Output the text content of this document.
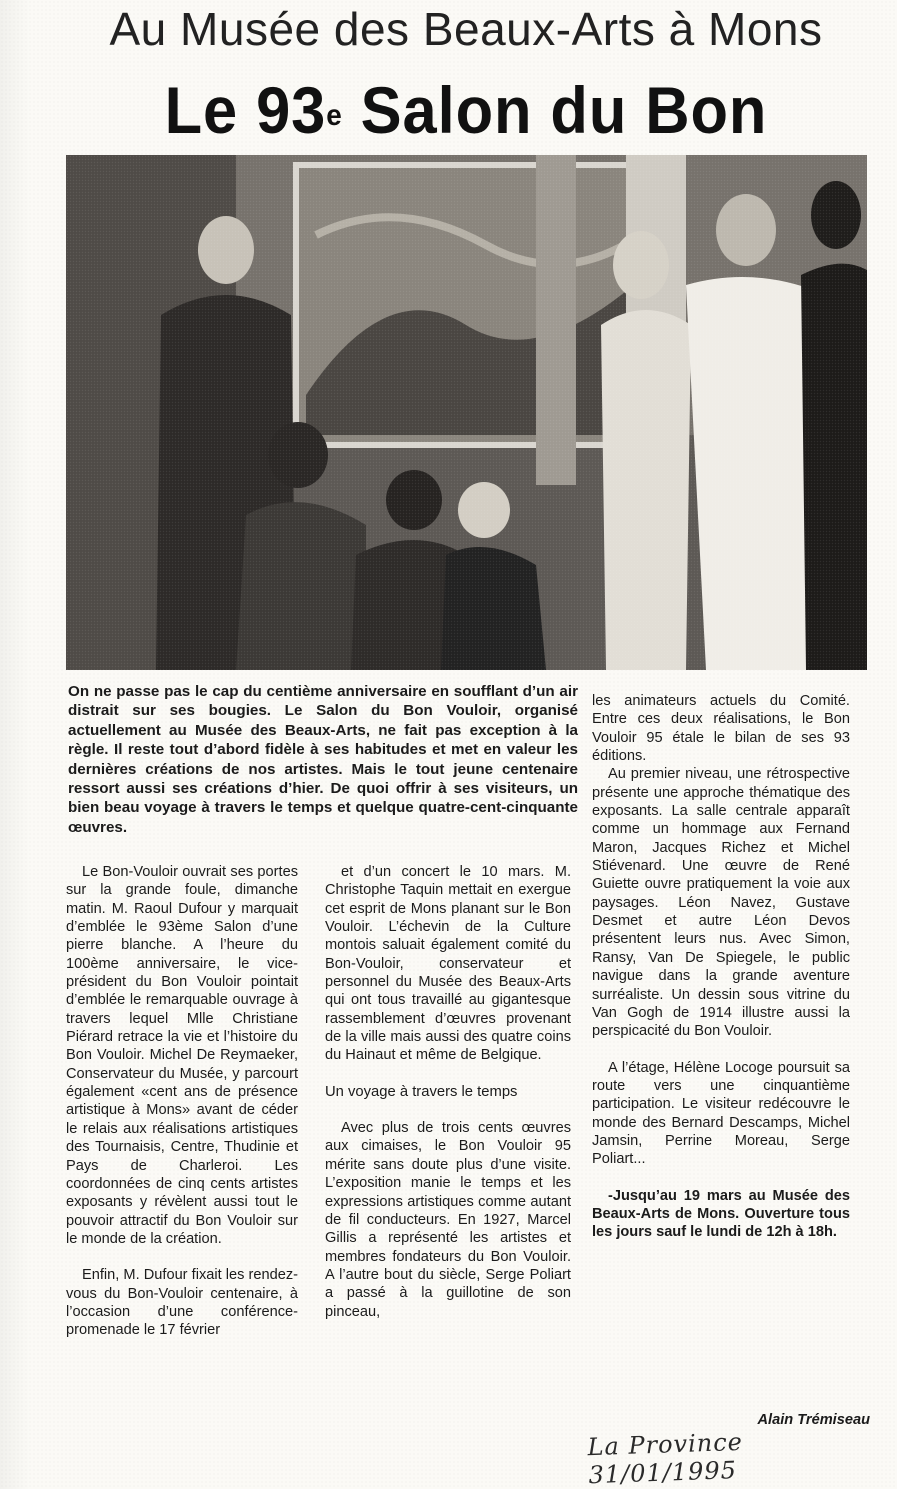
Au Musée des Beaux-Arts à Mons
Le 93e Salon du Bon
On ne passe pas le cap du centième anniversaire en soufflant d’un air distrait sur ses bougies. Le Salon du Bon Vouloir, organisé actuellement au Musée des Beaux-Arts, ne fait pas exception à la règle. Il reste tout d’abord fidèle à ses habitudes et met en valeur les dernières créations de nos artistes. Mais le tout jeune centenaire ressort aussi ses créations d’hier. De quoi offrir à ses visiteurs, un bien beau voyage à travers le temps et quelque quatre-cent-cinquante œuvres.

Le Bon-Vouloir ouvrait ses portes sur la grande foule, dimanche matin. M. Raoul Dufour y marquait d’emblée le 93ème Salon d’une pierre blanche. A l’heure du 100ème anniversaire, le vice-président du Bon Vouloir pointait d’emblée le remarquable ouvrage à travers lequel Mlle Christiane Piérard retrace la vie et l’histoire du Bon Vouloir. Michel De Reymaeker, Conservateur du Musée, y parcourt également «cent ans de présence artistique à Mons» avant de céder le relais aux réalisations artistiques des Tournaisis, Centre, Thudinie et Pays de Charleroi. Les coordonnées de cinq cents artistes exposants y révèlent aussi tout le pouvoir attractif du Bon Vouloir sur le monde de la création.

Enfin, M. Dufour fixait les rendez-vous du Bon-Vouloir centenaire, à l’occasion d’une conférence-promenade le 17 février

et d’un concert le 10 mars. M. Christophe Taquin mettait en exergue cet esprit de Mons planant sur le Bon Vouloir. L’échevin de la Culture montois saluait également comité du Bon-Vouloir, conservateur et personnel du Musée des Beaux-Arts qui ont tous travaillé au gigantesque rassemblement d’œuvres provenant de la ville mais aussi des quatre coins du Hainaut et même de Belgique.

Un voyage à travers le temps

Avec plus de trois cents œuvres aux cimaises, le Bon Vouloir 95 mérite sans doute plus d’une visite. L’exposition manie le temps et les expressions artistiques comme autant de fil conducteurs. En 1927, Marcel Gillis a représenté les artistes et membres fondateurs du Bon Vouloir. A l’autre bout du siècle, Serge Poliart a passé à la guillotine de son pinceau,

les animateurs actuels du Comité. Entre ces deux réalisations, le Bon Vouloir 95 étale le bilan de ses 93 éditions.

Au premier niveau, une rétrospective présente une approche thématique des exposants. La salle centrale apparaît comme un hommage aux Fernand Maron, Jacques Richez et Michel Stiévenard. Une œuvre de René Guiette ouvre pratiquement la voie aux paysages. Léon Navez, Gustave Desmet et autre Léon Devos présentent leurs nus. Avec Simon, Ransy, Van De Spiegele, le public navigue dans la grande aventure surréaliste. Un dessin sous vitrine du Van Gogh de 1914 illustre aussi la perspicacité du Bon Vouloir.

A l’étage, Hélène Locoge poursuit sa route vers une cinquantième participation. Le visiteur redécouvre le monde des Bernard Descamps, Michel Jamsin, Perrine Moreau, Serge Poliart...

-Jusqu’au 19 mars au Musée des Beaux-Arts de Mons. Ouverture tous les jours sauf le lundi de 12h à 18h.

Alain Trémiseau
La Province 31/01/1995
